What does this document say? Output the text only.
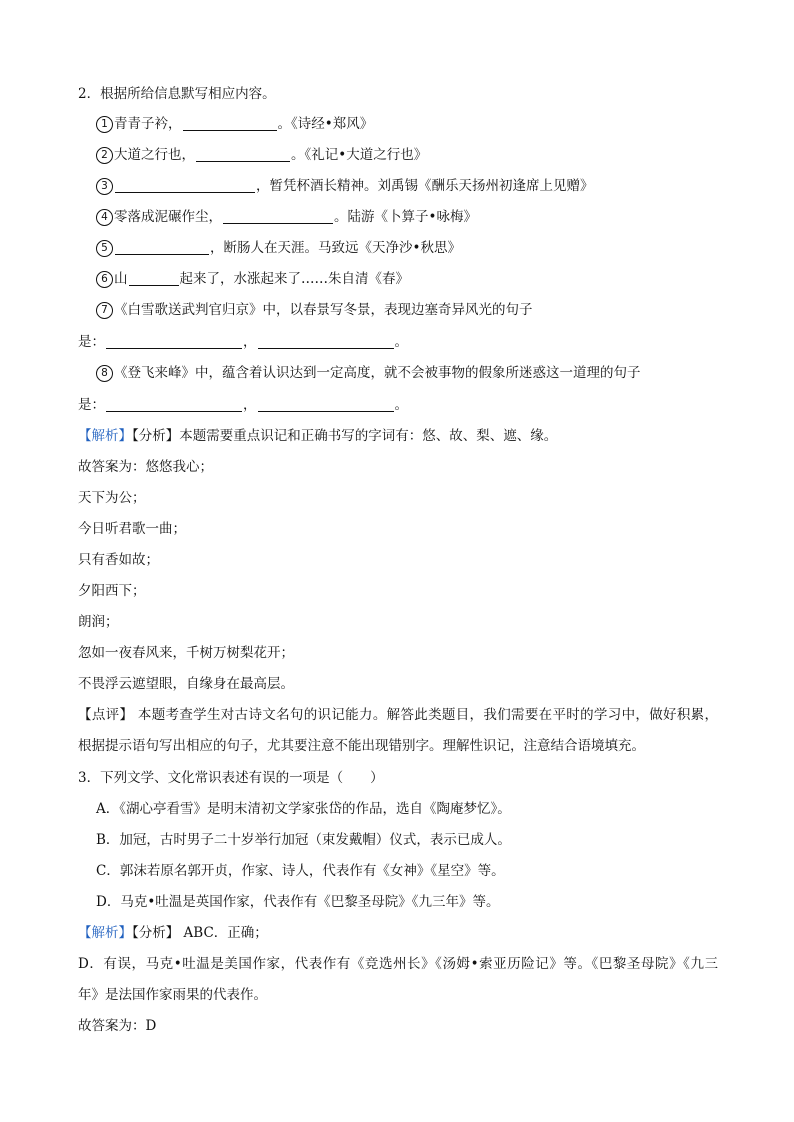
2．根据所给信息默写相应内容。
1 青青子衿，	。《诗经•郑风》
2 大道之行也，	。《礼记•大道之行也》
3	，暂凭杯酒长精神。刘禹锡《酬乐天扬州初逢席上见赠》
4 零落成泥碾作尘，	。陆游《卜算子•咏梅》
5	，断肠人在天涯。马致远《天净沙•秋思》
6 山	起来了，水涨起来了……朱自清《春》
7 《白雪歌送武判官归京》中，以春景写冬景，表现边塞奇异风光的句子
是：	，	。
8 《登飞来峰》中，蕴含着认识达到一定高度，就不会被事物的假象所迷惑这一道理的句子
是：	，	。
【解析】【分析】本题需要重点识记和正确书写的字词有：悠、故、梨、遮、缘。
故答案为：悠悠我心；
天下为公；
今日听君歌一曲；
只有香如故；
夕阳西下；
朗润；
忽如一夜春风来，千树万树梨花开；
不畏浮云遮望眼，自缘身在最高层。
【点评】 本题考查学生对古诗文名句的识记能力。解答此类题目，我们需要在平时的学习中，做好积累，
根据提示语句写出相应的句子，尤其要注意不能出现错别字。理解性识记，注意结合语境填充。
3．下列文学、文化常识表述有误的一项是（　　）
A．《湖心亭看雪》是明末清初文学家张岱的作品，选自《陶庵梦忆》。
B．加冠，古时男子二十岁举行加冠（束发戴帽）仪式，表示已成人。
C．郭沫若原名郭开贞，作家、诗人，代表作有《女神》《星空》等。
D．马克•吐温是英国作家，代表作有《巴黎圣母院》《九三年》等。
【解析】【分析】 ABC．正确；
D．有误，马克•吐温是美国作家，代表作有《竞选州长》《汤姆•索亚历险记》等。《巴黎圣母院》《九三
年》是法国作家雨果的代表作。
故答案为：D
